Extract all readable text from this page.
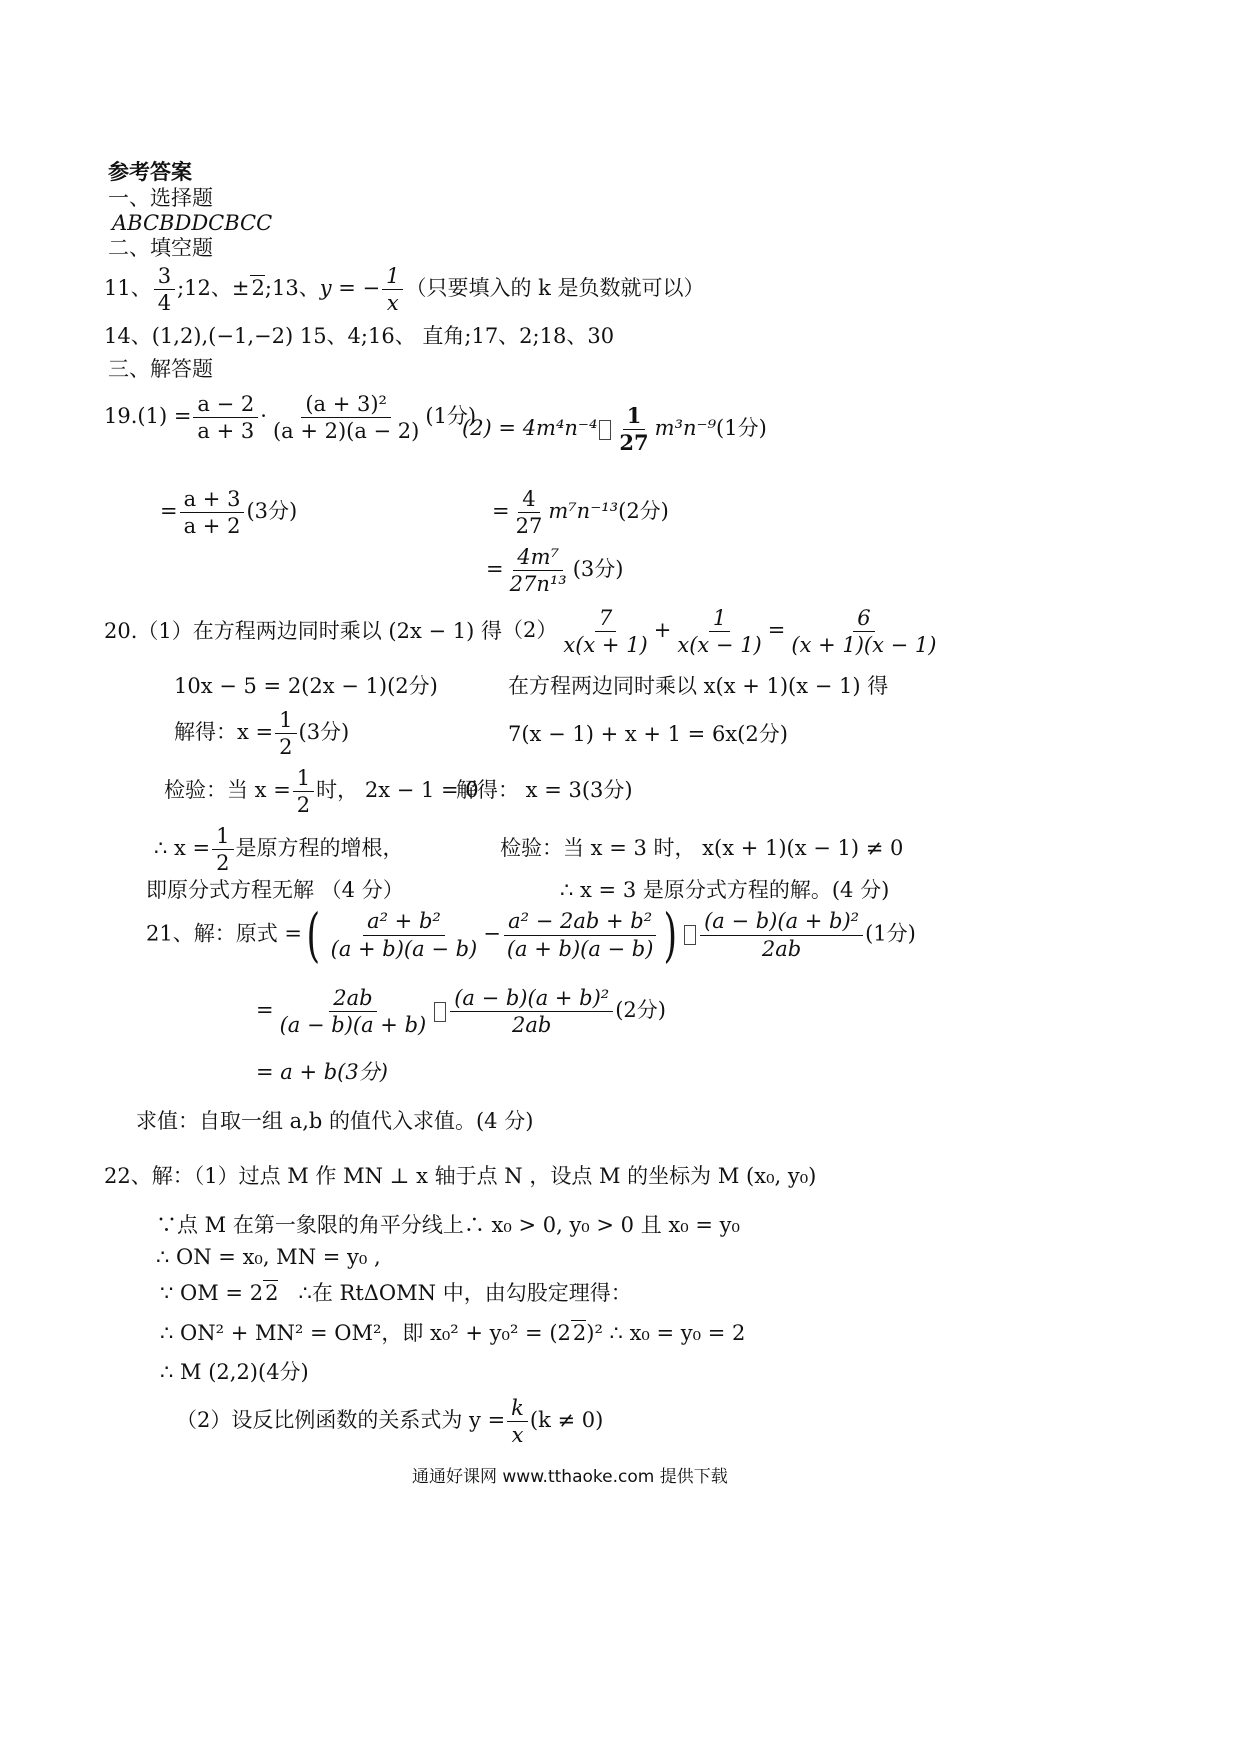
参考答案
一、选择题
ABCBDDCBCC
二、填空题
11、 $\frac{3}{4}$ ;12、±2;13、y = − $\frac{1}{x}$ （只要填入的 k 是负数就可以）
14、(1,2),(−1,−2) 15、4;16、 直角;17、2;18、30
三、解答题
$19.(1) = \frac{a - 2}{a + 3} \cdot \frac{\text{(a + 3)²}}{(a + 2)(a - 2)} (1$分)
= $\frac{a + 3}{a + 2} (3$分)
$(2) = 4m^4n^{-4} \frac{1}{27} m^3n^{-9}(1$分)
= $\frac{4}{27} m^7n^{-13}(2$分)
= $\frac{\text{4m⁷}}{\text{27n¹³}} (3$分)
20.（1）在方程两边同时乘以 (2x − 1) 得
10x − 5 = 2(2x − 1)(2分)
解得：$x = \frac{1}{2} (3$分)
检验：当 $x = \frac{1}{2}$ 时， 2x − 1 = 0
解得： x = 3(3分)
∴ $x = \frac{1}{2}$ 是原方程的增根，
即原分式方程无解 （4 分）
$(2) \frac{7}{x(x + 1)} + \frac{1}{x(x - 1)} = \frac{6}{(x + 1)(x - 1)}$
在方程两边同时乘以 x(x + 1)(x − 1) 得
7(x − 1) + x + 1 = 6x(2分)
检验：当 x = 3 时， x(x + 1)(x − 1) ≠ 0
∴ x = 3 是原分式方程的解。(4 分)
21、解：原式 =( $\frac{\text{a² + b²}}{(a + b)(a - b)} - \frac{\text{a² − 2ab + b²}}{(a + b)(a - b)}$ ) $\frac{\text{(a − b)(a + b)²}}{2ab} (1$分)
= $\frac{2ab}{(a - b)(a + b)} \frac{\text{(a − b)(a + b)²}}{2ab} (2$分)
= a + b(3分)
求值：自取一组 a,b 的值代入求值。(4 分)
22、解：（1）过点 M 作 MN ⊥ x 轴于点 N ，设点 M 的坐标为 M (x₀, y₀)
∵点 M 在第一象限的角平分线上∴ x₀ > 0, y₀ > 0 且 x₀ = y₀
∴ ON = x₀, MN = y₀ ,
∵ OM = 22 ∴在 RtΔOMN 中，由勾股定理得：
∴ ON² + MN² = OM²，即 x₀² + y₀² = (22)² ∴ x₀ = y₀ = 2
∴ M (2,2)(4分)
（2）设反比例函数的关系式为 $y = \frac{k}{x} (k \ne 0)$
通通好课网 www.tthaoke.com 提供下载
